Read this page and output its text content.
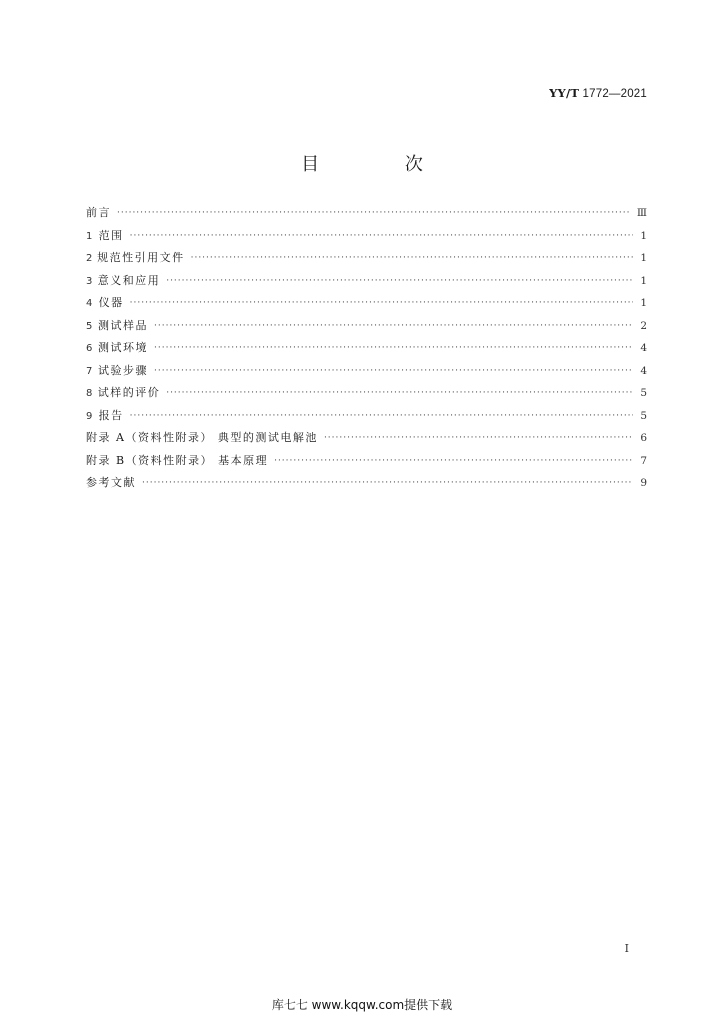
YY/T 1772—2021
目 次
前言 ·····	Ⅲ
1 范围 ·····	1
2 规范性引用文件 ·····	1
3 意义和应用 ·····	1
4 仪器 ·····	1
5 测试样品 ·····	2
6 测试环境 ·····	4
7 试验步骤 ·····	4
8 试样的评价 ·····	5
9 报告 ·····	5
附录 A（资料性附录） 典型的测试电解池 ·····	6
附录 B（资料性附录） 基本原理 ·····	7
参考文献 ·····	9
I
库七七 www.kqqw.com提供下载
